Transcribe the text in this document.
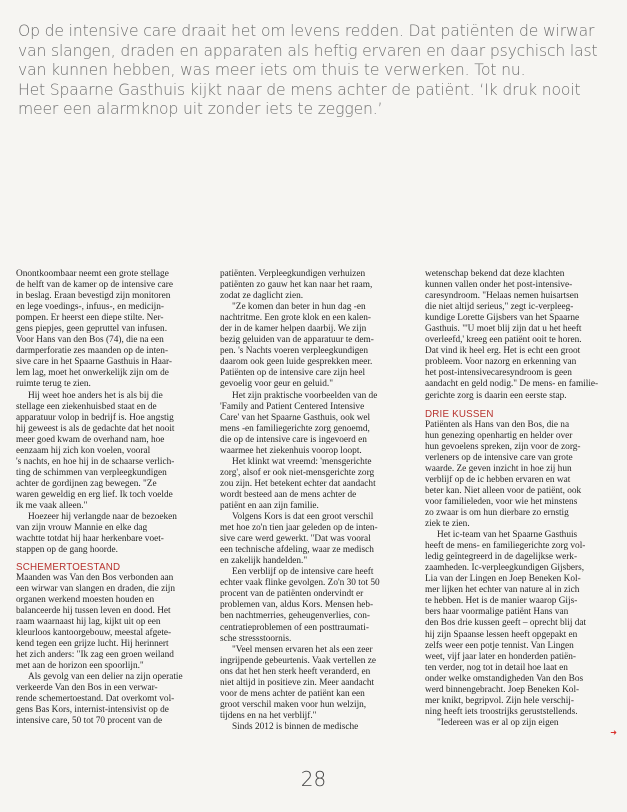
Op de intensive care draait het om levens redden. Dat patiënten de wirwar
van slangen, draden en apparaten als heftig ervaren en daar psychisch last
van kunnen hebben, was meer iets om thuis te verwerken. Tot nu.
Het Spaarne Gasthuis kijkt naar de mens achter de patiënt. ‘Ik druk nooit
meer een alarmknop uit zonder iets te zeggen.’

Onontkoombaar neemt een grote stellage
de helft van de kamer op de intensive care
in beslag. Eraan bevestigd zijn monitoren
en lege voedings-, infuus-, en medicijn-
pompen. Er heerst een diepe stilte. Ner-
gens piepjes, geen gepruttel van infusen.
Voor Hans van den Bos (74), die na een
darmperforatie zes maanden op de inten-
sive care in het Spaarne Gasthuis in Haar-
lem lag, moet het onwerkelijk zijn om de
ruimte terug te zien.

Hij weet hoe anders het is als bij die
stellage een ziekenhuisbed staat en de
apparatuur volop in bedrijf is. Hoe angstig
hij geweest is als de gedachte dat het nooit
meer goed kwam de overhand nam, hoe
eenzaam hij zich kon voelen, vooral
's nachts, en hoe hij in de schaarse verlich-
ting de schimmen van verpleegkundigen
achter de gordijnen zag bewegen. "Ze
waren geweldig en erg lief. Ik toch voelde
ik me vaak alleen."

Hoezeer hij verlangde naar de bezoeken
van zijn vrouw Mannie en elke dag
wachtte totdat hij haar herkenbare voet-
stappen op de gang hoorde.

SCHEMERTOESTAND

Maanden was Van den Bos verbonden aan
een wirwar van slangen en draden, die zijn
organen werkend moesten houden en
balanceerde hij tussen leven en dood. Het
raam waarnaast hij lag, kijkt uit op een
kleurloos kantoorgebouw, meestal afgete-
kend tegen een grijze lucht. Hij herinnert
het zich anders: "Ik zag een groen weiland
met aan de horizon een spoorlijn."

Als gevolg van een delier na zijn operatie
verkeerde Van den Bos in een verwar-
rende schemertoestand. Dat overkomt vol-
gens Bas Kors, internist-intensivist op de
intensive care, 50 tot 70 procent van de

patiënten. Verpleegkundigen verhuizen
patiënten zo gauw het kan naar het raam,
zodat ze daglicht zien.

"Ze komen dan beter in hun dag -en
nachtritme. Een grote klok en een kalen-
der in de kamer helpen daarbij. We zijn
bezig geluiden van de apparatuur te dem-
pen. 's Nachts voeren verpleegkundigen
daarom ook geen luide gesprekken meer.
Patiënten op de intensive care zijn heel
gevoelig voor geur en geluid."

Het zijn praktische voorbeelden van de
'Family and Patient Centered Intensive
Care' van het Spaarne Gasthuis, ook wel
mens -en familiegerichte zorg genoemd,
die op de intensive care is ingevoerd en
waarmee het ziekenhuis voorop loopt.

Het klinkt wat vreemd: 'mensgerichte
zorg', alsof er ook niet-mensgerichte zorg
zou zijn. Het betekent echter dat aandacht
wordt besteed aan de mens achter de
patiënt en aan zijn familie.

Volgens Kors is dat een groot verschil
met hoe zo'n tien jaar geleden op de inten-
sive care werd gewerkt. "Dat was vooral
een technische afdeling, waar ze medisch
en zakelijk handelden."

Een verblijf op de intensive care heeft
echter vaak flinke gevolgen. Zo'n 30 tot 50
procent van de patiënten ondervindt er
problemen van, aldus Kors. Mensen heb-
ben nachtmerries, geheugenverlies, con-
centratieproblemen of een posttraumati-
sche stressstoornis.

"Veel mensen ervaren het als een zeer
ingrijpende gebeurtenis. Vaak vertellen ze
ons dat het hen sterk heeft veranderd, en
niet altijd in positieve zin. Meer aandacht
voor de mens achter de patiënt kan een
groot verschil maken voor hun welzijn,
tijdens en na het verblijf."

Sinds 2012 is binnen de medische

wetenschap bekend dat deze klachten
kunnen vallen onder het post-intensive-
caresyndroom. "Helaas nemen huisartsen
die niet altijd serieus," zegt ic-verpleeg-
kundige Lorette Gijsbers van het Spaarne
Gasthuis. "'U moet blij zijn dat u het heeft
overleefd,' kreeg een patiënt ooit te horen.
Dat vind ik heel erg. Het is echt een groot
probleem. Voor nazorg en erkenning van
het post-intensivecaresyndroom is geen
aandacht en geld nodig." De mens- en familie-
gerichte zorg is daarin een eerste stap.

DRIE KUSSEN

Patiënten als Hans van den Bos, die na
hun genezing openhartig en helder over
hun gevoelens spreken, zijn voor de zorg-
verleners op de intensive care van grote
waarde. Ze geven inzicht in hoe zij hun
verblijf op de ic hebben ervaren en wat
beter kan. Niet alleen voor de patiënt, ook
voor familieleden, voor wie het minstens
zo zwaar is om hun dierbare zo ernstig
ziek te zien.

Het ic-team van het Spaarne Gasthuis
heeft de mens- en familiegerichte zorg vol-
ledig geïntegreerd in de dagelijkse werk-
zaamheden. Ic-verpleegkundigen Gijsbers,
Lia van der Lingen en Joep Beneken Kol-
mer lijken het echter van nature al in zich
te hebben. Het is de manier waarop Gijs-
bers haar voormalige patiënt Hans van
den Bos drie kussen geeft – oprecht blij dat
hij zijn Spaanse lessen heeft opgepakt en
zelfs weer een potje tennist. Van Lingen
weet, vijf jaar later en honderden patiën-
ten verder, nog tot in detail hoe laat en
onder welke omstandigheden Van den Bos
werd binnengebracht. Joep Beneken Kol-
mer knikt, begripvol. Zijn hele verschij-
ning heeft iets troostrijks geruststellends.

"Iedereen was er al op zijn eigen

➜
28
